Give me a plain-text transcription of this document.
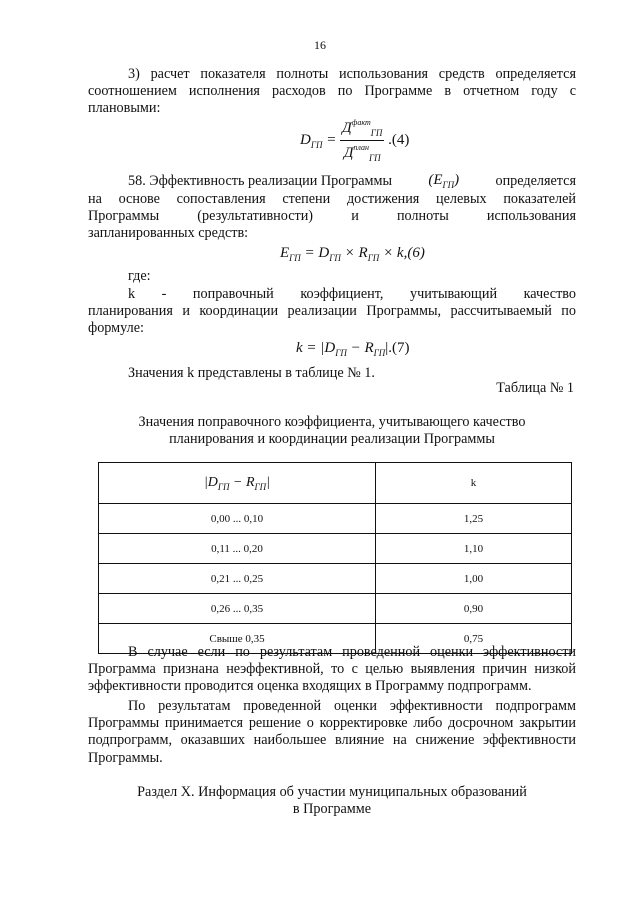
16
3) расчет показателя полноты использования средств определяется соотношением исполнения расходов по Программе в отчетном году с плановыми:
$D_{ГП} = \frac{Д^{факт}_{ГП}}{Д^{план}_{ГП}} .(4)$
58. Эффективность реализации Программы $(E_{ГП})$	определяется
на основе сопоставления степени достижения целевых показателей
Программы	(результативности)	и	полноты	использования
запланированных средств:
$E_{ГП} = D_{ГП} \times R_{ГП} \times k,(6)$
где:
k - поправочный коэффициент, учитывающий качество
планирования и координации реализации Программы, рассчитываемый по формуле:
$k = |D_{ГП} - R_{ГП}|.(7)$
Значения k представлены в таблице № 1.
Таблица № 1
Значения поправочного коэффициента, учитывающего качество
планирования и координации реализации Программы
$|D_{ГП} - R_{ГП}|$	k
0,00 ... 0,10	1,25
0,11 ... 0,20	1,10
0,21 ... 0,25	1,00
0,26 ... 0,35	0,90
Свыше 0,35	0,75
В случае если по результатам проведенной оценки эффективности Программа признана неэффективной, то с целью выявления причин низкой эффективности проводится оценка входящих в Программу подпрограмм.
По результатам проведенной оценки эффективности подпрограмм Программы принимается решение о корректировке либо досрочном закрытии подпрограмм, оказавших наибольшее влияние на снижение эффективности Программы.
Раздел X. Информация об участии муниципальных образований
в Программе
